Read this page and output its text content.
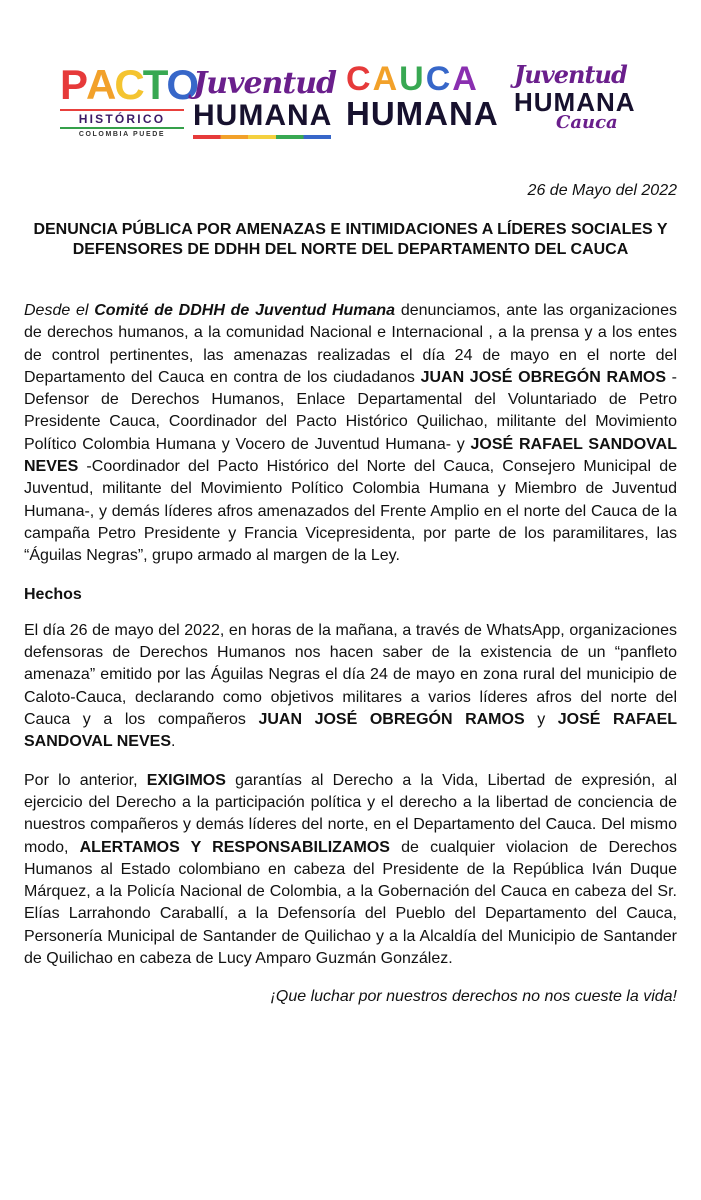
PACTO
HISTÓRICO
COLOMBIA PUEDE
Juventud
HUMANA
CAUCA
HUMANA
Juventud
HUMANA
Cauca
26 de Mayo del 2022
DENUNCIA PÚBLICA POR AMENAZAS E INTIMIDACIONES A LÍDERES SOCIALES Y DEFENSORES DE DDHH DEL NORTE DEL DEPARTAMENTO DEL CAUCA

Desde el Comité de DDHH de Juventud Humana denunciamos, ante las organizaciones de derechos humanos, a la comunidad Nacional e Internacional , a la prensa y a los entes de control pertinentes, las amenazas realizadas el día 24 de mayo en el norte del Departamento del Cauca en contra de los ciudadanos JUAN JOSÉ OBREGÓN RAMOS -Defensor de Derechos Humanos, Enlace Departamental del Voluntariado de Petro Presidente Cauca, Coordinador del Pacto Histórico Quilichao, militante del Movimiento Político Colombia Humana y Vocero de Juventud Humana- y JOSÉ RAFAEL SANDOVAL NEVES -Coordinador del Pacto Histórico del Norte del Cauca, Consejero Municipal de Juventud, militante del Movimiento Político Colombia Humana y Miembro de Juventud Humana-, y demás líderes afros amenazados del Frente Amplio en el norte del Cauca de la campaña Petro Presidente y Francia Vicepresidenta, por parte de los paramilitares, las “Águilas Negras”, grupo armado al margen de la Ley.

Hechos

El día 26 de mayo del 2022, en horas de la mañana, a través de WhatsApp, organizaciones defensoras de Derechos Humanos nos hacen saber de la existencia de un “panfleto amenaza” emitido por las Águilas Negras el día 24 de mayo en zona rural del municipio de Caloto-Cauca, declarando como objetivos militares a varios líderes afros del norte del Cauca y a los compañeros JUAN JOSÉ OBREGÓN RAMOS y JOSÉ RAFAEL SANDOVAL NEVES.

Por lo anterior, EXIGIMOS garantías al Derecho a la Vida, Libertad de expresión, al ejercicio del Derecho a la participación política y el derecho a la libertad de conciencia de nuestros compañeros y demás líderes del norte, en el Departamento del Cauca. Del mismo modo, ALERTAMOS Y RESPONSABILIZAMOS de cualquier violacion de Derechos Humanos al Estado colombiano en cabeza del Presidente de la República Iván Duque Márquez, a la Policía Nacional de Colombia, a la Gobernación del Cauca en cabeza del Sr. Elías Larrahondo Caraballí, a la Defensoría del Pueblo del Departamento del Cauca, Personería Municipal de Santander de Quilichao y a la Alcaldía del Municipio de Santander de Quilichao en cabeza de Lucy Amparo Guzmán González.

¡Que luchar por nuestros derechos no nos cueste la vida!
